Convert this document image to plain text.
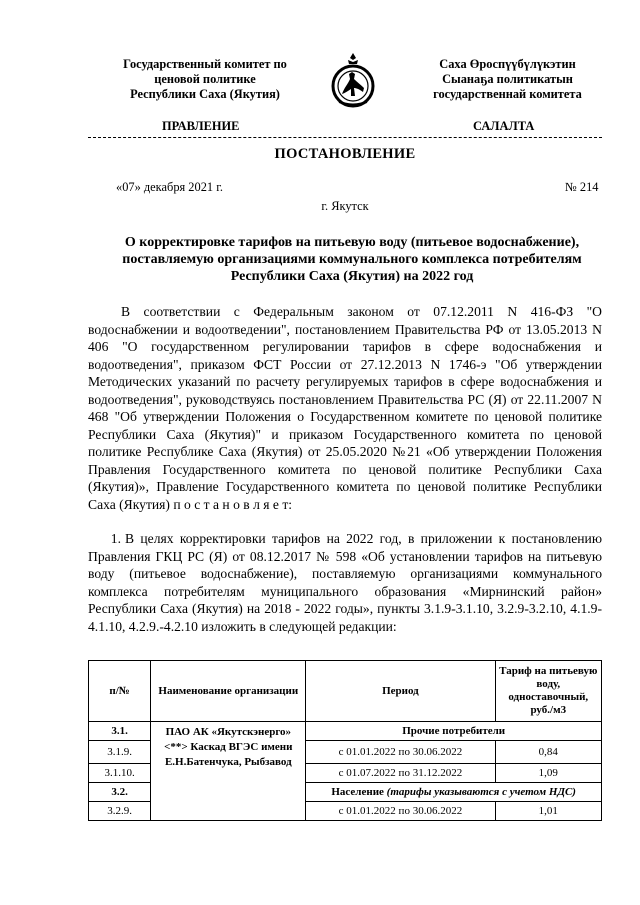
Государственный комитет по
ценовой политике
Республики Саха (Якутия)
Саха Өроспүүбүлүкэтин
Сыанаҕа политикатын
государственнай комитета
ПРАВЛЕНИЕ	САЛАЛТА
ПОСТАНОВЛЕНИЕ
«07» декабря 2021 г.	№ 214
г. Якутск
О корректировке тарифов на питьевую воду (питьевое водоснабжение), поставляемую организациями коммунального комплекса потребителям Республики Саха (Якутия) на 2022 год
В соответствии с Федеральным законом от 07.12.2011 N 416-ФЗ "О водоснабжении и водоотведении", постановлением Правительства РФ от 13.05.2013 N 406 "О государственном регулировании тарифов в сфере водоснабжения и водоотведения", приказом ФСТ России от 27.12.2013 N 1746-э "Об утверждении Методических указаний по расчету регулируемых тарифов в сфере водоснабжения и водоотведения", руководствуясь постановлением Правительства РС (Я) от 22.11.2007 N 468 "Об утверждении Положения о Государственном комитете по ценовой политике Республики Саха (Якутия)" и приказом Государственного комитета по ценовой политике Республике Саха (Якутия) от 25.05.2020 №21 «Об утверждении Положения Правления Государственного комитета по ценовой политике Республики Саха (Якутия)», Правление Государственного комитета по ценовой политике Республики Саха (Якутия) п о с т а н о в л я е т:
1. В целях корректировки тарифов на 2022 год, в приложении к постановлению Правления ГКЦ РС (Я) от 08.12.2017 № 598 «Об установлении тарифов на питьевую воду (питьевое водоснабжение), поставляемую организациями коммунального комплекса потребителям муниципального образования «Мирнинский район» Республики Саха (Якутия) на 2018 - 2022 годы», пункты 3.1.9-3.1.10, 3.2.9-3.2.10, 4.1.9-4.1.10, 4.2.9.-4.2.10 изложить в следующей редакции:
п/№	Наименование организации	Период	Тариф на питьевую воду, одноставочный, руб./м3
3.1.	ПАО АК «Якутскэнерго» <**> Каскад ВГЭС имени Е.Н.Батенчука, Рыбзавод	Прочие потребители	
3.1.9.		с 01.01.2022 по 30.06.2022	0,84
3.1.10.		с 01.07.2022 по 31.12.2022	1,09
3.2.		Население (тарифы указываются с учетом НДС)	
3.2.9.		с 01.01.2022 по 30.06.2022	1,01
